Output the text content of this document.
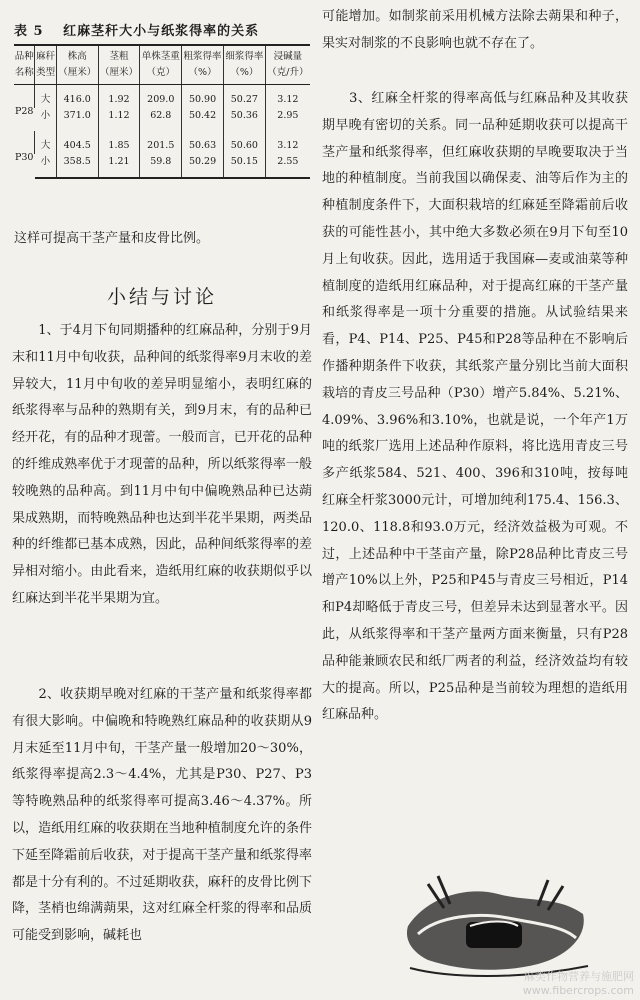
表 5　 红麻茎秆大小与纸浆得率的关系
品种	麻秆	株高	茎粗	单株茎重	粗浆得率	细浆得率	浸碱量
名称	类型	（厘米）	（厘米）	（克）	（%）	（%）	（克/升）
P28	大	416.0	1.92	209.0	50.90	50.27	3.12
	小	371.0	1.12	62.8	50.42	50.36	2.95
P30	大	404.5	1.85	201.5	50.63	50.60	3.12
	小	358.5	1.21	59.8	50.29	50.15	2.55
这样可提高干茎产量和皮骨比例。
小结与讨论
　　1、于4月下旬同期播种的红麻品种，分别于9月末和11月中旬收获，品种间的纸浆得率9月末收的差异较大，11月中旬收的差异明显缩小，表明红麻的纸浆得率与品种的熟期有关，到9月末，有的品种已经开花，有的品种才现蕾。一般而言，已开花的品种的纤维成熟率优于才现蕾的品种，所以纸浆得率一般较晚熟的品种高。到11月中旬中偏晚熟品种已达蒴果成熟期，而特晚熟品种也达到半花半果期，两类品种的纤维都已基本成熟，因此，品种间纸浆得率的差异相对缩小。由此看来，造纸用红麻的收获期似乎以红麻达到半花半果期为宜。
　　2、收获期早晚对红麻的干茎产量和纸浆得率都有很大影响。中偏晚和特晚熟红麻品种的收获期从9月末延至11月中旬，干茎产量一般增加20～30%，纸浆得率提高2.3～4.4%，尤其是P30、P27、P3等特晚熟品种的纸浆得率可提高3.46～4.37%。所以，造纸用红麻的收获期在当地种植制度允许的条件下延至降霜前后收获，对于提高干茎产量和纸浆得率都是十分有利的。不过延期收获，麻秆的皮骨比例下降，茎梢也绵满蒴果，这对红麻全杆浆的得率和品质可能受到影响，碱耗也
可能增加。如制浆前采用机械方法除去蒴果和种子，果实对制浆的不良影响也就不存在了。
　　3、红麻全杆浆的得率高低与红麻品种及其收获期早晚有密切的关系。同一品种延期收获可以提高干茎产量和纸浆得率，但红麻收获期的早晚要取决于当地的种植制度。当前我国以确保麦、油等后作为主的种植制度条件下，大面积栽培的红麻延至降霜前后收获的可能性甚小，其中绝大多数必须在9月下旬至10月上旬收获。因此，选用适于我国麻—麦或油菜等种植制度的造纸用红麻品种，对于提高红麻的干茎产量和纸浆得率是一项十分重要的措施。从试验结果来看，P4、P14、P25、P45和P28等品种在不影响后作播种期条件下收获，其纸浆产量分别比当前大面积栽培的青皮三号品种（P30）增产5.84%、5.21%、4.09%、3.96%和3.10%，也就是说，一个年产1万吨的纸浆厂选用上述品种作原料，将比选用青皮三号多产纸浆584、521、400、396和310吨，按每吨红麻全杆浆3000元计，可增加纯利175.4、156.3、120.0、118.8和93.0万元，经济效益极为可观。不过，上述品种中干茎亩产量，除P28品种比青皮三号增产10%以上外，P25和P45与青皮三号相近，P14和P4却略低于青皮三号，但差异未达到显著水平。因此，从纸浆得率和干茎产量两方面来衡量，只有P28品种能兼顾农民和纸厂两者的利益，经济效益均有较大的提高。所以，P25品种是当前较为理想的造纸用红麻品种。
麻类作物营养与施肥网
www.fibercrops.com
